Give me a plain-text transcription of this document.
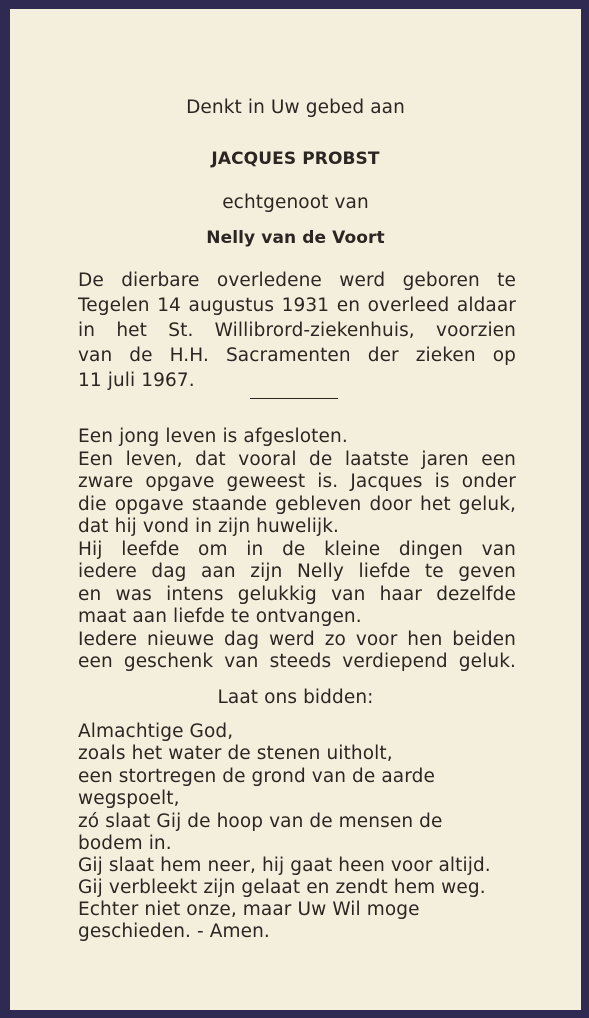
Denkt in Uw gebed aan
JACQUES PROBST
echtgenoot van
Nelly van de Voort
De dierbare overledene werd geboren te
Tegelen 14 augustus 1931 en overleed aldaar
in het St. Willibrord-ziekenhuis, voorzien
van de H.H. Sacramenten der zieken op
11 juli 1967.
Een jong leven is afgesloten.
Een leven, dat vooral de laatste jaren een
zware opgave geweest is. Jacques is onder
die opgave staande gebleven door het geluk,
dat hij vond in zijn huwelijk.
Hij leefde om in de kleine dingen van
iedere dag aan zijn Nelly liefde te geven
en was intens gelukkig van haar dezelfde
maat aan liefde te ontvangen.
Iedere nieuwe dag werd zo voor hen beiden
een geschenk van steeds verdiepend geluk.
Laat ons bidden:
Almachtige God,
zoals het water de stenen uitholt,
een stortregen de grond van de aarde
wegspoelt,
zó slaat Gij de hoop van de mensen de
bodem in.
Gij slaat hem neer, hij gaat heen voor altijd.
Gij verbleekt zijn gelaat en zendt hem weg.
Echter niet onze, maar Uw Wil moge
geschieden. - Amen.
